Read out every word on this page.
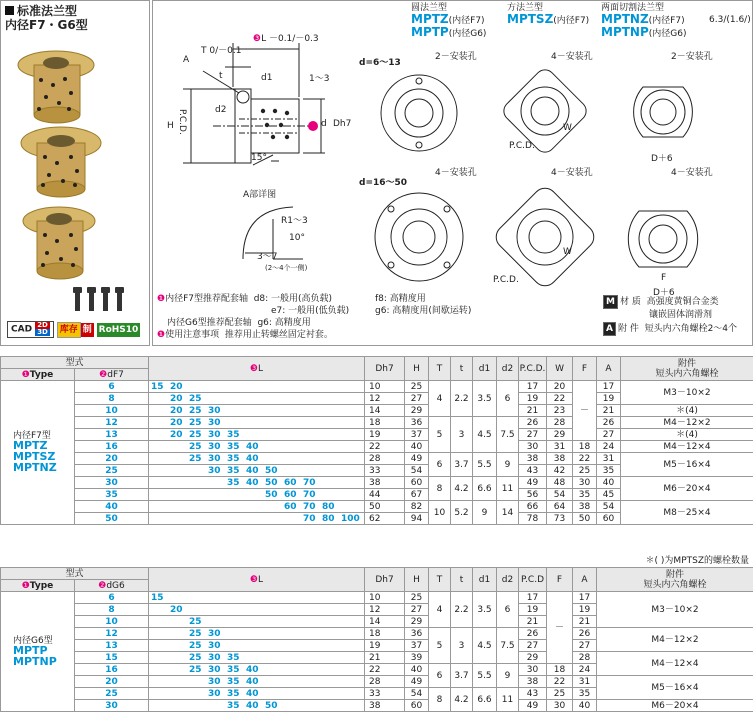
标准法兰型
内径F7・G6型
CAD 2D
3D 库存 制 RoHS10
❸L －0.1/－0.3
T 0/－0.1
A
t	d1	1～3
H P.C.D.	d2
d Dh7
15°
A部详图
R1～3
10°
3～7
(2～4个一侧)
圆法兰型
MPTZ(内径F7)
MPTP(内径G6)
方法兰型
MPTSZ(内径F7)
两面切割法兰型
MPTNZ(内径F7)
MPTNP(内径G6)
6.3/(1.6/)
d=6～13
d=16～50
2－安装孔	4－安装孔	2－安装孔
P.C.D.
W
D＋6
4－安装孔	4－安装孔	4－安装孔
P.C.D.
W
F
D＋6
❶内径F7型推荐配套轴 d8: 一般用(高负载)
e7: 一般用(低负载)
内径G6型推荐配套轴 g6: 高精度用
❶使用注意事项 推荐用止转螺丝固定衬套。
f8: 高精度用
g6: 高精度用(间歇运转)
M 材 质 高强度黄铜合金类
镶嵌固体润滑剂
A 附 件 短头内六角螺栓2～4个
型式		❸L	Dh7	H	T	t	d1	d2	P.C.D.	W	F	A	附件
短头内六角螺栓
❶Type	❷dF7												
内径F7型
MPTZ
MPTSZ
MPTNZ	6	15 20	10	25	4	2.2	3.5	6	17	20	－	17	M3－10×2
	8	20 25	12	27					19	22		19	
	10	20 25 30	14	29					21	23		21	＊(4)
	12	20 25 30	18	36	5	3	4.5	7.5	26	28		26	M4－12×2
	13	20 25 30 35	19	37					27	29		27	＊(4)
	16	25 30 35 40	22	40					30	31	18	24	M4－12×4
	20	25 30 35 40	28	49	6	3.7	5.5	9	38	38	22	31	M5－16×4
	25	30 35 40 50	33	54					43	42	25	35	
	30	35 40 50 60 70	38	60	8	4.2	6.6	11	49	48	30	40	M6－20×4
	35	50 60 70	44	67					56	54	35	45	
	40	60 70 80	50	82	10	5.2	9	14	66	64	38	54	M8－25×4
	50	70 80 100	62	94					78	73	50	60	
＊( )为MPTSZ的螺栓数量
型式		❸L	Dh7	H	T	t	d1	d2	P.C.D	F	A	附件
短头内六角螺栓
❶Type	❷dG6											
内径G6型
MPTP
MPTNP	6	15	10	25	4	2.2	3.5	6	17	－	17	M3－10×2
	8	20	12	27					19		19	
	10	25	14	29					21		21	
	12	25 30	18	36	5	3	4.5	7.5	26		26	M4－12×2
	13	25 30	19	37					27		27	
	15	25 30 35	21	39					29		28	M4－12×4
	16	25 30 35 40	22	40	6	3.7	5.5	9	30	18	24	
	20	30 35 40	28	49					38	22	31	M5－16×4
	25	30 35 40	33	54	8	4.2	6.6	11	43	25	35	
	30	35 40 50	38	60					49	30	40	M6－20×4
